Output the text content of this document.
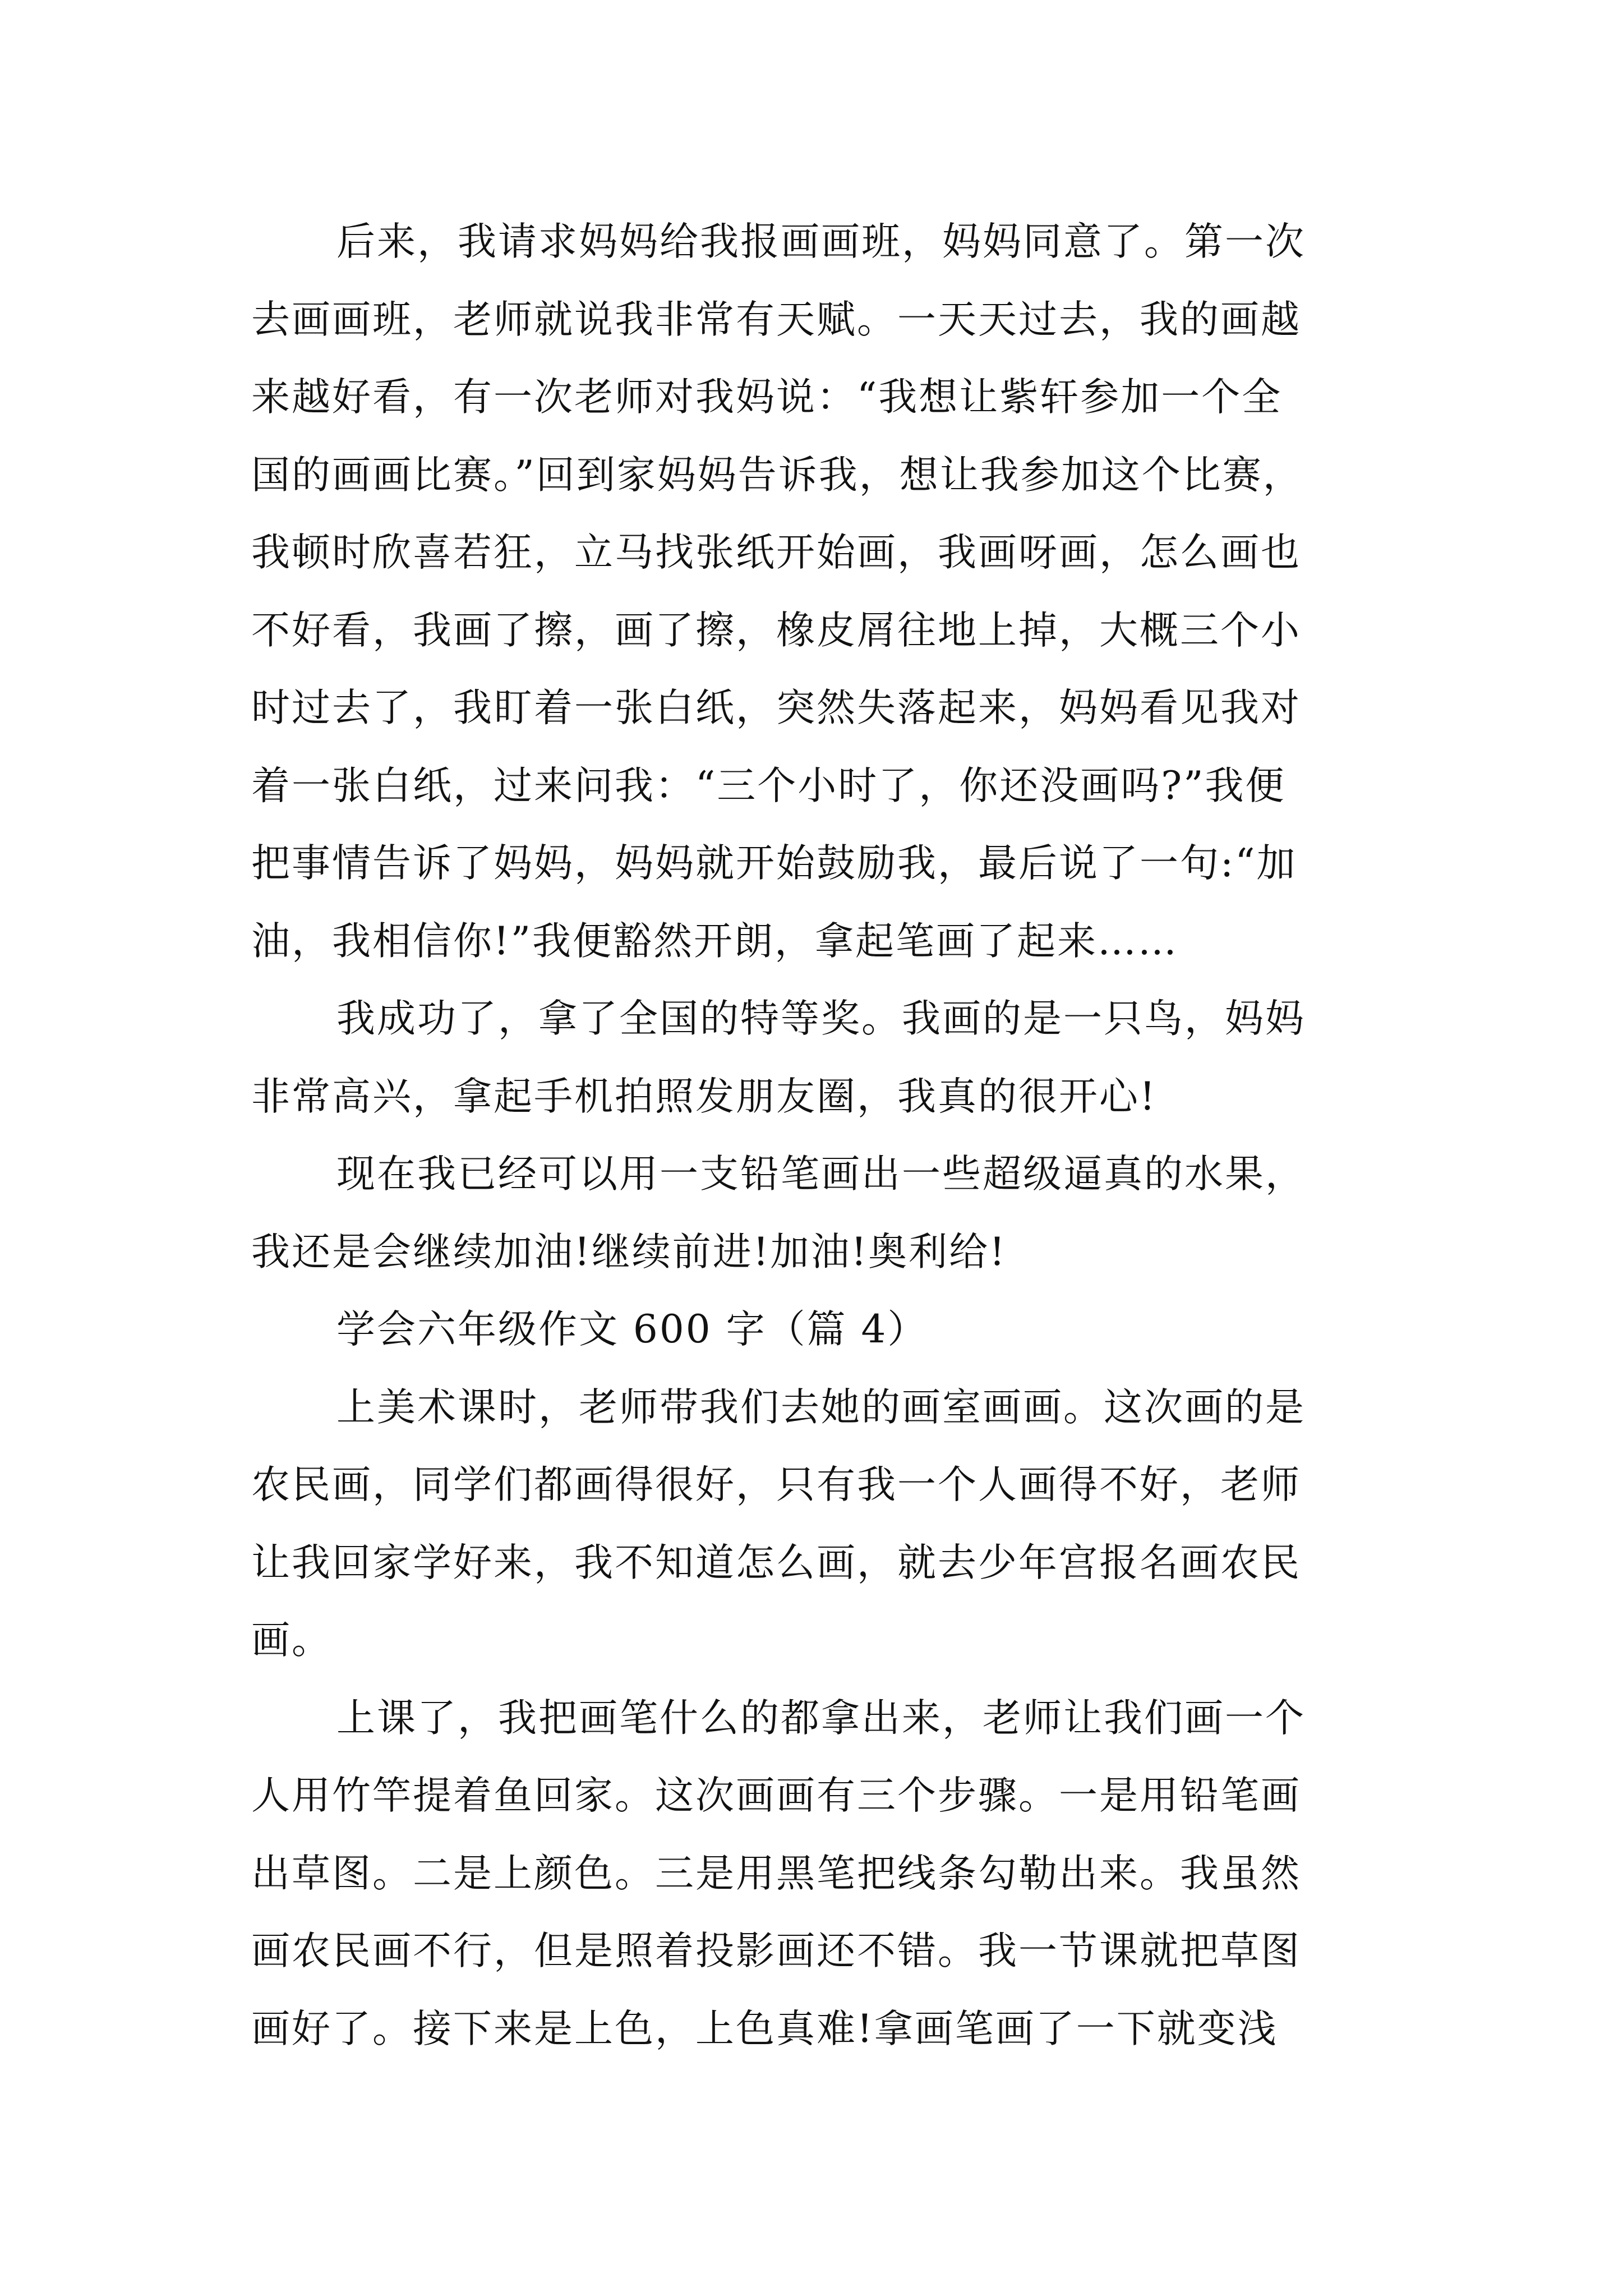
后来，我请求妈妈给我报画画班，妈妈同意了。第一次
去画画班，老师就说我非常有天赋。一天天过去，我的画越
来越好看，有一次老师对我妈说：“我想让紫轩参加一个全
国的画画比赛。”回到家妈妈告诉我，想让我参加这个比赛，
我顿时欣喜若狂，立马找张纸开始画，我画呀画，怎么画也
不好看，我画了擦，画了擦，橡皮屑往地上掉，大概三个小
时过去了，我盯着一张白纸，突然失落起来，妈妈看见我对
着一张白纸，过来问我：“三个小时了，你还没画吗?”我便
把事情告诉了妈妈，妈妈就开始鼓励我，最后说了一句:“加
油，我相信你!”我便豁然开朗，拿起笔画了起来……
我成功了，拿了全国的特等奖。我画的是一只鸟，妈妈
非常高兴，拿起手机拍照发朋友圈，我真的很开心!
现在我已经可以用一支铅笔画出一些超级逼真的水果，
我还是会继续加油!继续前进!加油!奥利给!
学会六年级作文 600 字（篇 4）
上美术课时，老师带我们去她的画室画画。这次画的是
农民画，同学们都画得很好，只有我一个人画得不好，老师
让我回家学好来，我不知道怎么画，就去少年宫报名画农民
画。
上课了，我把画笔什么的都拿出来，老师让我们画一个
人用竹竿提着鱼回家。这次画画有三个步骤。一是用铅笔画
出草图。二是上颜色。三是用黑笔把线条勾勒出来。我虽然
画农民画不行，但是照着投影画还不错。我一节课就把草图
画好了。接下来是上色，上色真难!拿画笔画了一下就变浅
